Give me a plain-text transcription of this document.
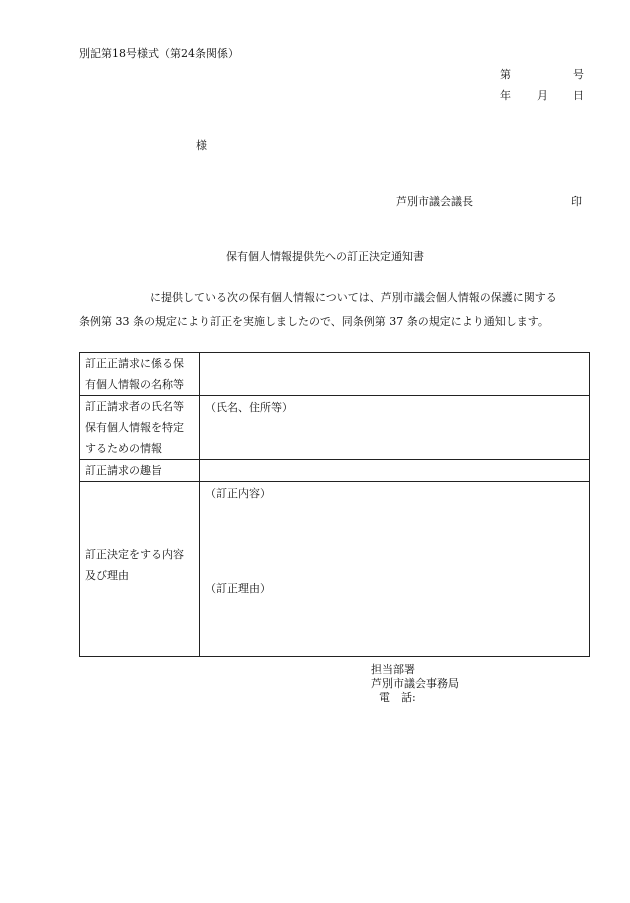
別記第18号様式（第24条関係）
第	号
年 月 日
様
芦別市議会議長	印
保有個人情報提供先への訂正決定通知書
に提供している次の保有個人情報については、芦別市議会個人情報の保護に関する
条例第 33 条の規定により訂正を実施しましたので、同条例第 37 条の規定により通知します。
訂正正請求に係る保
有個人情報の名称等	

訂正請求者の氏名等
保有個人情報を特定
するための情報	（氏名、住所等）

訂正請求の趣旨	

訂正決定をする内容
及び理由	（訂正内容）
（訂正理由）
担当部署
芦別市議会事務局
電　話:
